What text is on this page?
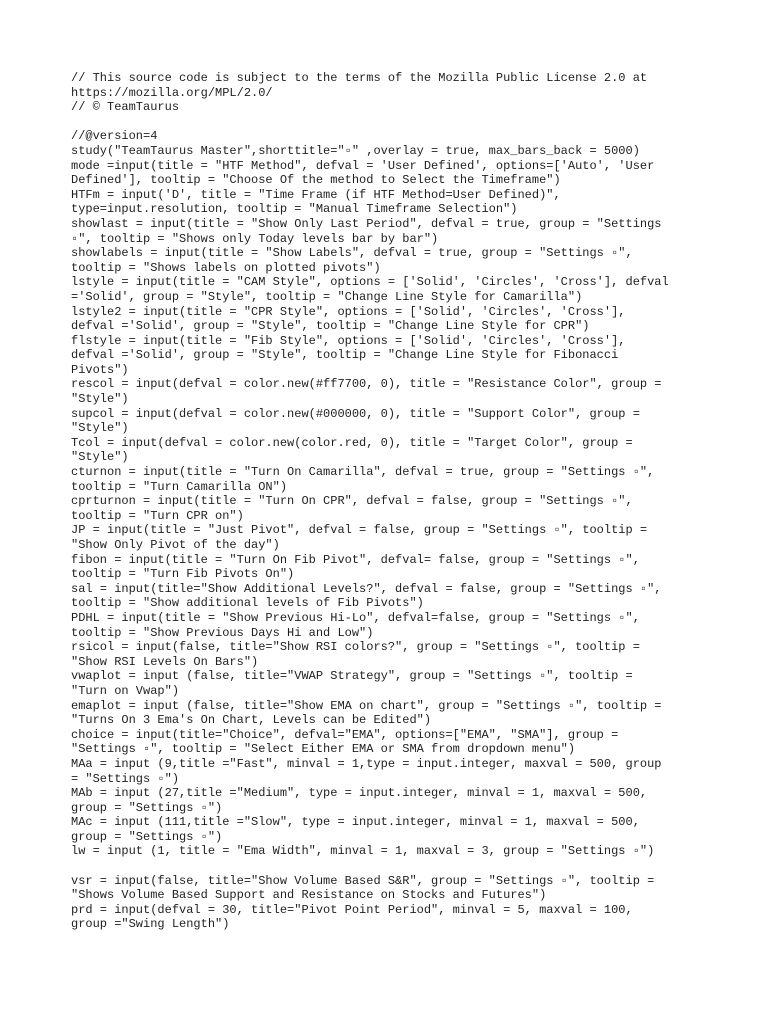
// This source code is subject to the terms of the Mozilla Public License 2.0 at
https://mozilla.org/MPL/2.0/
// © TeamTaurus
//@version=4
study("TeamTaurus Master",shorttitle="▫" ,overlay = true, max_bars_back = 5000)
mode =input(title = "HTF Method", defval = 'User Defined', options=['Auto', 'User
Defined'], tooltip = "Choose Of the method to Select the Timeframe")
HTFm = input('D', title = "Time Frame (if HTF Method=User Defined)",
type=input.resolution, tooltip = "Manual Timeframe Selection")
showlast = input(title = "Show Only Last Period", defval = true, group = "Settings
▫", tooltip = "Shows only Today levels bar by bar")
showlabels = input(title = "Show Labels", defval = true, group = "Settings ▫",
tooltip = "Shows labels on plotted pivots")
lstyle = input(title = "CAM Style", options = ['Solid', 'Circles', 'Cross'], defval
='Solid', group = "Style", tooltip = "Change Line Style for Camarilla")
lstyle2 = input(title = "CPR Style", options = ['Solid', 'Circles', 'Cross'],
defval ='Solid', group = "Style", tooltip = "Change Line Style for CPR")
flstyle = input(title = "Fib Style", options = ['Solid', 'Circles', 'Cross'],
defval ='Solid', group = "Style", tooltip = "Change Line Style for Fibonacci
Pivots")
rescol = input(defval = color.new(#ff7700, 0), title = "Resistance Color", group =
"Style")
supcol = input(defval = color.new(#000000, 0), title = "Support Color", group =
"Style")
Tcol = input(defval = color.new(color.red, 0), title = "Target Color", group =
"Style")
cturnon = input(title = "Turn On Camarilla", defval = true, group = "Settings ▫",
tooltip = "Turn Camarilla ON")
cprturnon = input(title = "Turn On CPR", defval = false, group = "Settings ▫",
tooltip = "Turn CPR on")
JP = input(title = "Just Pivot", defval = false, group = "Settings ▫", tooltip =
"Show Only Pivot of the day")
fibon = input(title = "Turn On Fib Pivot", defval= false, group = "Settings ▫",
tooltip = "Turn Fib Pivots On")
sal = input(title="Show Additional Levels?", defval = false, group = "Settings ▫",
tooltip = "Show additional levels of Fib Pivots")
PDHL = input(title = "Show Previous Hi-Lo", defval=false, group = "Settings ▫",
tooltip = "Show Previous Days Hi and Low")
rsicol = input(false, title="Show RSI colors?", group = "Settings ▫", tooltip =
"Show RSI Levels On Bars")
vwaplot = input (false, title="VWAP Strategy", group = "Settings ▫", tooltip =
"Turn on Vwap")
emaplot = input (false, title="Show EMA on chart", group = "Settings ▫", tooltip =
"Turns On 3 Ema's On Chart, Levels can be Edited")
choice = input(title="Choice", defval="EMA", options=["EMA", "SMA"], group =
"Settings ▫", tooltip = "Select Either EMA or SMA from dropdown menu")
MAa = input (9,title ="Fast", minval = 1,type = input.integer, maxval = 500, group
= "Settings ▫")
MAb = input (27,title ="Medium", type = input.integer, minval = 1, maxval = 500,
group = "Settings ▫")
MAc = input (111,title ="Slow", type = input.integer, minval = 1, maxval = 500,
group = "Settings ▫")
lw = input (1, title = "Ema Width", minval = 1, maxval = 3, group = "Settings ▫")
vsr = input(false, title="Show Volume Based S&R", group = "Settings ▫", tooltip =
"Shows Volume Based Support and Resistance on Stocks and Futures")
prd = input(defval = 30, title="Pivot Point Period", minval = 5, maxval = 100,
group ="Swing Length")
